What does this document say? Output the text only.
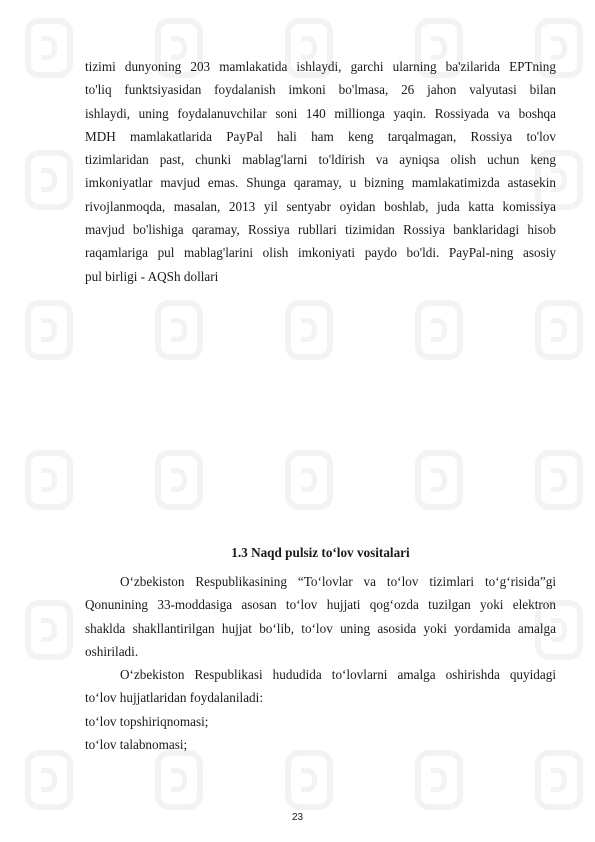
tizimi dunyoning 203 mamlakatida ishlaydi, garchi ularning ba'zilarida EPTning
to'liq funktsiyasidan foydalanish imkoni bo'lmasa, 26 jahon valyutasi bilan
ishlaydi, uning foydalanuvchilar soni 140 millionga yaqin. Rossiyada va boshqa
MDH mamlakatlarida PayPal hali ham keng tarqalmagan, Rossiya to'lov
tizimlaridan past, chunki mablag'larni to'ldirish va ayniqsa olish uchun keng
imkoniyatlar mavjud emas. Shunga qaramay, u bizning mamlakatimizda astasekin
rivojlanmoqda, masalan, 2013 yil sentyabr oyidan boshlab, juda katta komissiya
mavjud bo'lishiga qaramay, Rossiya rubllari tizimidan Rossiya banklaridagi hisob
raqamlariga pul mablag'larini olish imkoniyati paydo bo'ldi. PayPal-ning asosiy
pul birligi - AQSh dollari
1.3 Naqd pulsiz to‘lov vositalari
O‘zbekiston Respublikasining “To‘lovlar va to‘lov tizimlari to‘g‘risida”gi
Qonunining 33-moddasiga asosan to‘lov hujjati qog‘ozda tuzilgan yoki elektron
shaklda shakllantirilgan hujjat bo‘lib, to‘lov uning asosida yoki yordamida amalga
oshiriladi.
O‘zbekiston Respublikasi hududida to‘lovlarni amalga oshirishda quyidagi
to‘lov hujjatlaridan foydalaniladi:
to‘lov topshiriqnomasi;
to‘lov talabnomasi;
23
